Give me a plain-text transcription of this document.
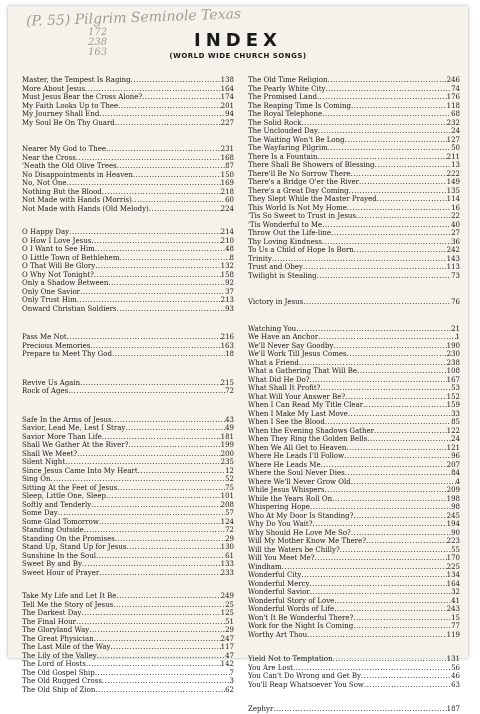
(P. 55) Pilgrim Seminole Texas
172
238
163
INDEX
(WORLD WIDE CHURCH SONGS)
Master, the Tempest Is Raging .....	138
More About Jesus .....	164
Must Jesus Bear the Cross Alone? .....	174
My Faith Looks Up to Thee .....	201
My Journey Shall End .....	94
My Soul Be On Thy Guard .....	227
Nearer My God to Thee .....	231
Near the Cross .....	168
'Neath the Old Olive Trees .....	87
No Disappointments in Heaven .....	150
No, Not One .....	169
Nothing But the Blood .....	218
Not Made with Hands (Morris) .....	60
Not Made with Hands (Old Melody) .....	224
O Happy Day .....	214
O How I Love Jesus .....	210
O I Want to See Him .....	48
O Little Town of Bethlehem .....	8
O That Will Be Glory .....	132
O Why Not Tonight? .....	158
Only a Shadow Between .....	92
Only One Savior .....	37
Only Trust Him .....	213
Onward Christian Soldiers .....	93
Pass Me Not .....	216
Precious Memories .....	163
Prepare to Meet Thy God .....	18
Revive Us Again .....	215
Rock of Ages .....	72
Safe In the Arms of Jesus .....	43
Savior, Lead Me, Lest I Stray .....	49
Savior More Than Life .....	181
Shall We Gather At the River? .....	199
Shall We Meet? .....	200
Silent Night .....	235
Since Jesus Came Into My Heart .....	12
Sing On .....	52
Sitting At the Feet of Jesus .....	75
Sleep, Little One, Sleep .....	101
Softly and Tenderly .....	208
Some Day .....	57
Some Glad Tomorrow .....	124
Standing Outside .....	72
Standing On the Promises .....	29
Stand Up, Stand Up for Jesus .....	130
Sunshine In the Soul .....	61
Sweet By and By .....	133
Sweet Hour of Prayer .....	233
Take My Life and Let It Be .....	249
Tell Me the Story of Jesus .....	25
The Darkest Day .....	125
The Final Hour .....	51
The Gloryland Way .....	29
The Great Physician .....	247
The Last Mile of the Way .....	117
The Lily of the Valley .....	47
The Lord of Hosts .....	142
The Old Gospel Ship .....	7
The Old Rugged Cross .....	3
The Old Ship of Zion .....	62
The Old Time Religion .....	246
The Pearly White City .....	74
The Promised Land .....	176
The Reaping Time Is Coming .....	118
The Royal Telephone .....	68
The Solid Rock .....	232
The Unclouded Day .....	24
The Waiting Won't Be Long .....	127
The Wayfaring Pilgrim .....	50
There Is a Fountain .....	211
There Shall Be Showers of Blessing .....	13
There'll Be No Sorrow There .....	222
There's a Bridge O'er the River .....	149
There's a Great Day Coming .....	135
They Slept While the Master Prayed .....	114
This World Is Not My Home .....	16
'Tis So Sweet to Trust in Jesus .....	22
'Tis Wonderful to Me .....	40
Throw Out the Life-line .....	27
Thy Loving Kindness .....	36
To Us a Child of Hope Is Born .....	242
Trinity .....	143
Trust and Obey .....	113
Twilight is Stealing .....	73
Victory in Jesus .....	76
Watching You .....	21
We Have an Anchor .....	1
We'll Never Say Goodby .....	190
We'll Work Till Jesus Comes .....	230
What a Friend .....	238
What a Gathering That Will Be .....	108
What Did He Do? .....	167
What Shall It Profit? .....	53
What Will Your Answer Be? .....	152
When I Can Read My Title Clear .....	159
When I Make My Last Move .....	33
When I See the Blood .....	85
When the Evening Shadows Gather .....	122
When They Ring the Golden Bells .....	24
When We All Get to Heaven .....	121
Where He Leads I'll Follow .....	96
Where He Leads Me .....	207
Where the Soul Never Dies .....	84
Where We'll Never Grow Old .....	4
While Jesus Whispers .....	209
While the Years Roll On .....	198
Whispering Hope .....	98
Who At My Door Is Standing? .....	245
Why Do You Wait? .....	194
Why Should He Love Me So? .....	90
Will My Mother Know Me There? .....	223
Will the Waters be Chilly? .....	55
Will You Meet Me? .....	170
Windham .....	225
Wonderful City .....	134
Wonderful Mercy .....	164
Wonderful Savior .....	32
Wonderful Story of Love .....	41
Wonderful Words of Life .....	243
Won't It Be Wonderful There? .....	15
Work for the Night Is Coming .....	77
Worthy Art Thou .....	119
Yield Not to Temptation .....	131
You Are Lost .....	56
You Can't Do Wrong and Get By .....	46
You'll Reap Whatsoever You Sow .....	63
Zephyr .....	187
